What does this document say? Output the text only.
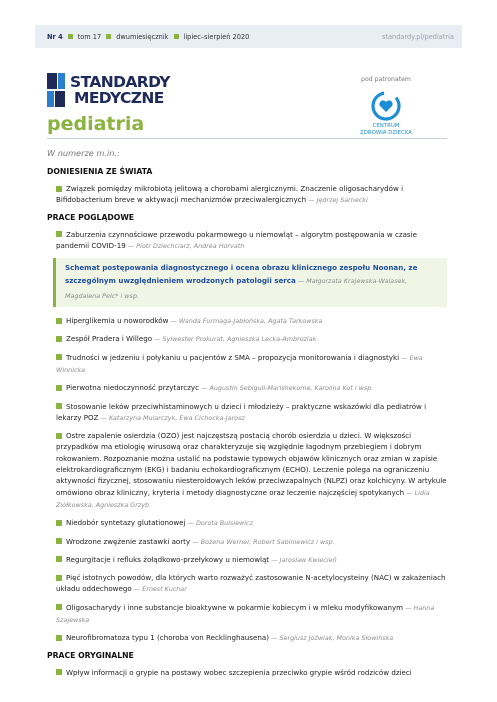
Nr 4 tom 17 dwumiesięcznik lipiec–sierpień 2020	standardy.pl/pediatria
STANDARDY
MEDYCZNE
pediatria
pod patronatem
CENTRUM
ZDROWIA DZIECKA
W numerze m.in.:
DONIESIENIA ZE ŚWIATA
Związek pomiędzy mikrobiotą jelitową a chorobami alergicznymi. Znaczenie oligosacharydów i Bifidobacterium breve w aktywacji mechanizmów przeciwalergicznych — Jędrzej Sarnecki
PRACE POGLĄDOWE
Zaburzenia czynnościowe przewodu pokarmowego u niemowląt – algorytm postępowania w czasie pandemii COVID-19 — Piotr Dziechciarz, Andrea Horvath
Schemat postępowania diagnostycznego i ocena obrazu klinicznego zespołu Noonan, ze szczególnym uwzględnieniem wrodzonych patologii serca — Małgorzata Krajewska-Walasek, Magdalena Pelc* i wsp.
Hiperglikemia u noworodków — Wanda Furmaga-Jabłońska, Agata Tarkowska
Zespół Pradera i Willego — Sylwester Prokurat, Agnieszka Lecka-Ambroziak
Trudności w jedzeniu i połykaniu u pacjentów z SMA – propozycja monitorowania i diagnostyki — Ewa Winnicka
Pierwotna niedoczynność przytarczyc — Augustin Sebiguli-Marishekome, Karolina Kot i wsp.
Stosowanie leków przeciwhistaminowych u dzieci i młodzieży – praktyczne wskazówki dla pediatrów i lekarzy POZ — Katarzyna Mularczyk, Ewa Cichocka-Jarosz
Ostre zapalenie osierdzia (OZO) jest najczęstszą postacią chorób osierdzia u dzieci. W większości przypadków ma etiologię wirusową oraz charakteryzuje się względnie łagodnym przebiegiem i dobrym rokowaniem. Rozpoznanie można ustalić na podstawie typowych objawów klinicznych oraz zmian w zapisie elektrokardiograficznym (EKG) i badaniu echokardiograficznym (ECHO). Leczenie polega na ograniczeniu aktywności fizycznej, stosowaniu niesteroidowych leków przeciwzapalnych (NLPZ) oraz kolchicyny. W artykule omówiono obraz kliniczny, kryteria i metody diagnostyczne oraz leczenie najczęściej spotykanych — Lidia Ziółkowska, Agnieszka Grzyb
Niedobór syntetazy glutationowej — Dorota Bulsiewicz
Wrodzone zwężenie zastawki aorty — Bożena Werner, Robert Sabiniewicz i wsp.
Regurgitacje i refluks żołądkowo-przełykowy u niemowląt — Jarosław Kwiecień
Pięć istotnych powodów, dla których warto rozważyć zastosowanie N-acetylocysteiny (NAC) w zakażeniach układu oddechowego — Ernest Kuchar
Oligosacharydy i inne substancje bioaktywne w pokarmie kobiecym i w mleku modyfikowanym — Hanna Szajewska
Neurofibromatoza typu 1 (choroba von Recklinghausena) — Sergiusz Jóźwiak, Monika Słowińska
PRACE ORYGINALNE
Wpływ informacji o grypie na postawy wobec szczepienia przeciwko grypie wśród rodziców dzieci
